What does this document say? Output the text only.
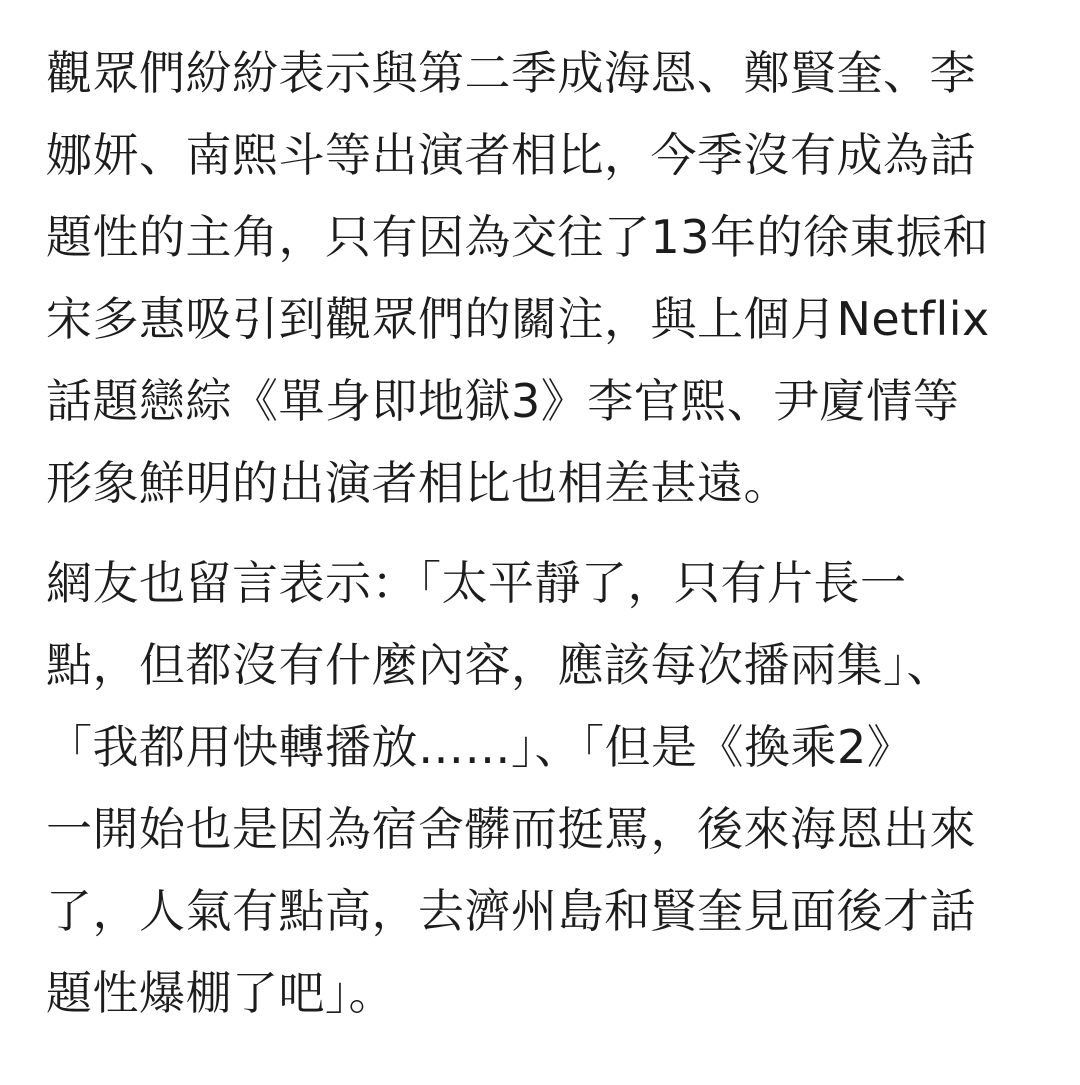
觀眾們紛紛表示與第二季成海恩、鄭賢奎、李
娜妍、南熙斗等出演者相比，今季沒有成為話
題性的主角，只有因為交往了13年的徐東振和
宋多惠吸引到觀眾們的關注，與上個月Netflix
話題戀綜《單身即地獄3》李官熙、尹廈情等
形象鮮明的出演者相比也相差甚遠。

網友也留言表示：「太平靜了，只有片長一
點，但都沒有什麼內容，應該每次播兩集」、
「我都用快轉播放……」、「但是《換乘2》
一開始也是因為宿舍髒而挺罵，後來海恩出來
了，人氣有點高，去濟州島和賢奎見面後才話
題性爆棚了吧」。
